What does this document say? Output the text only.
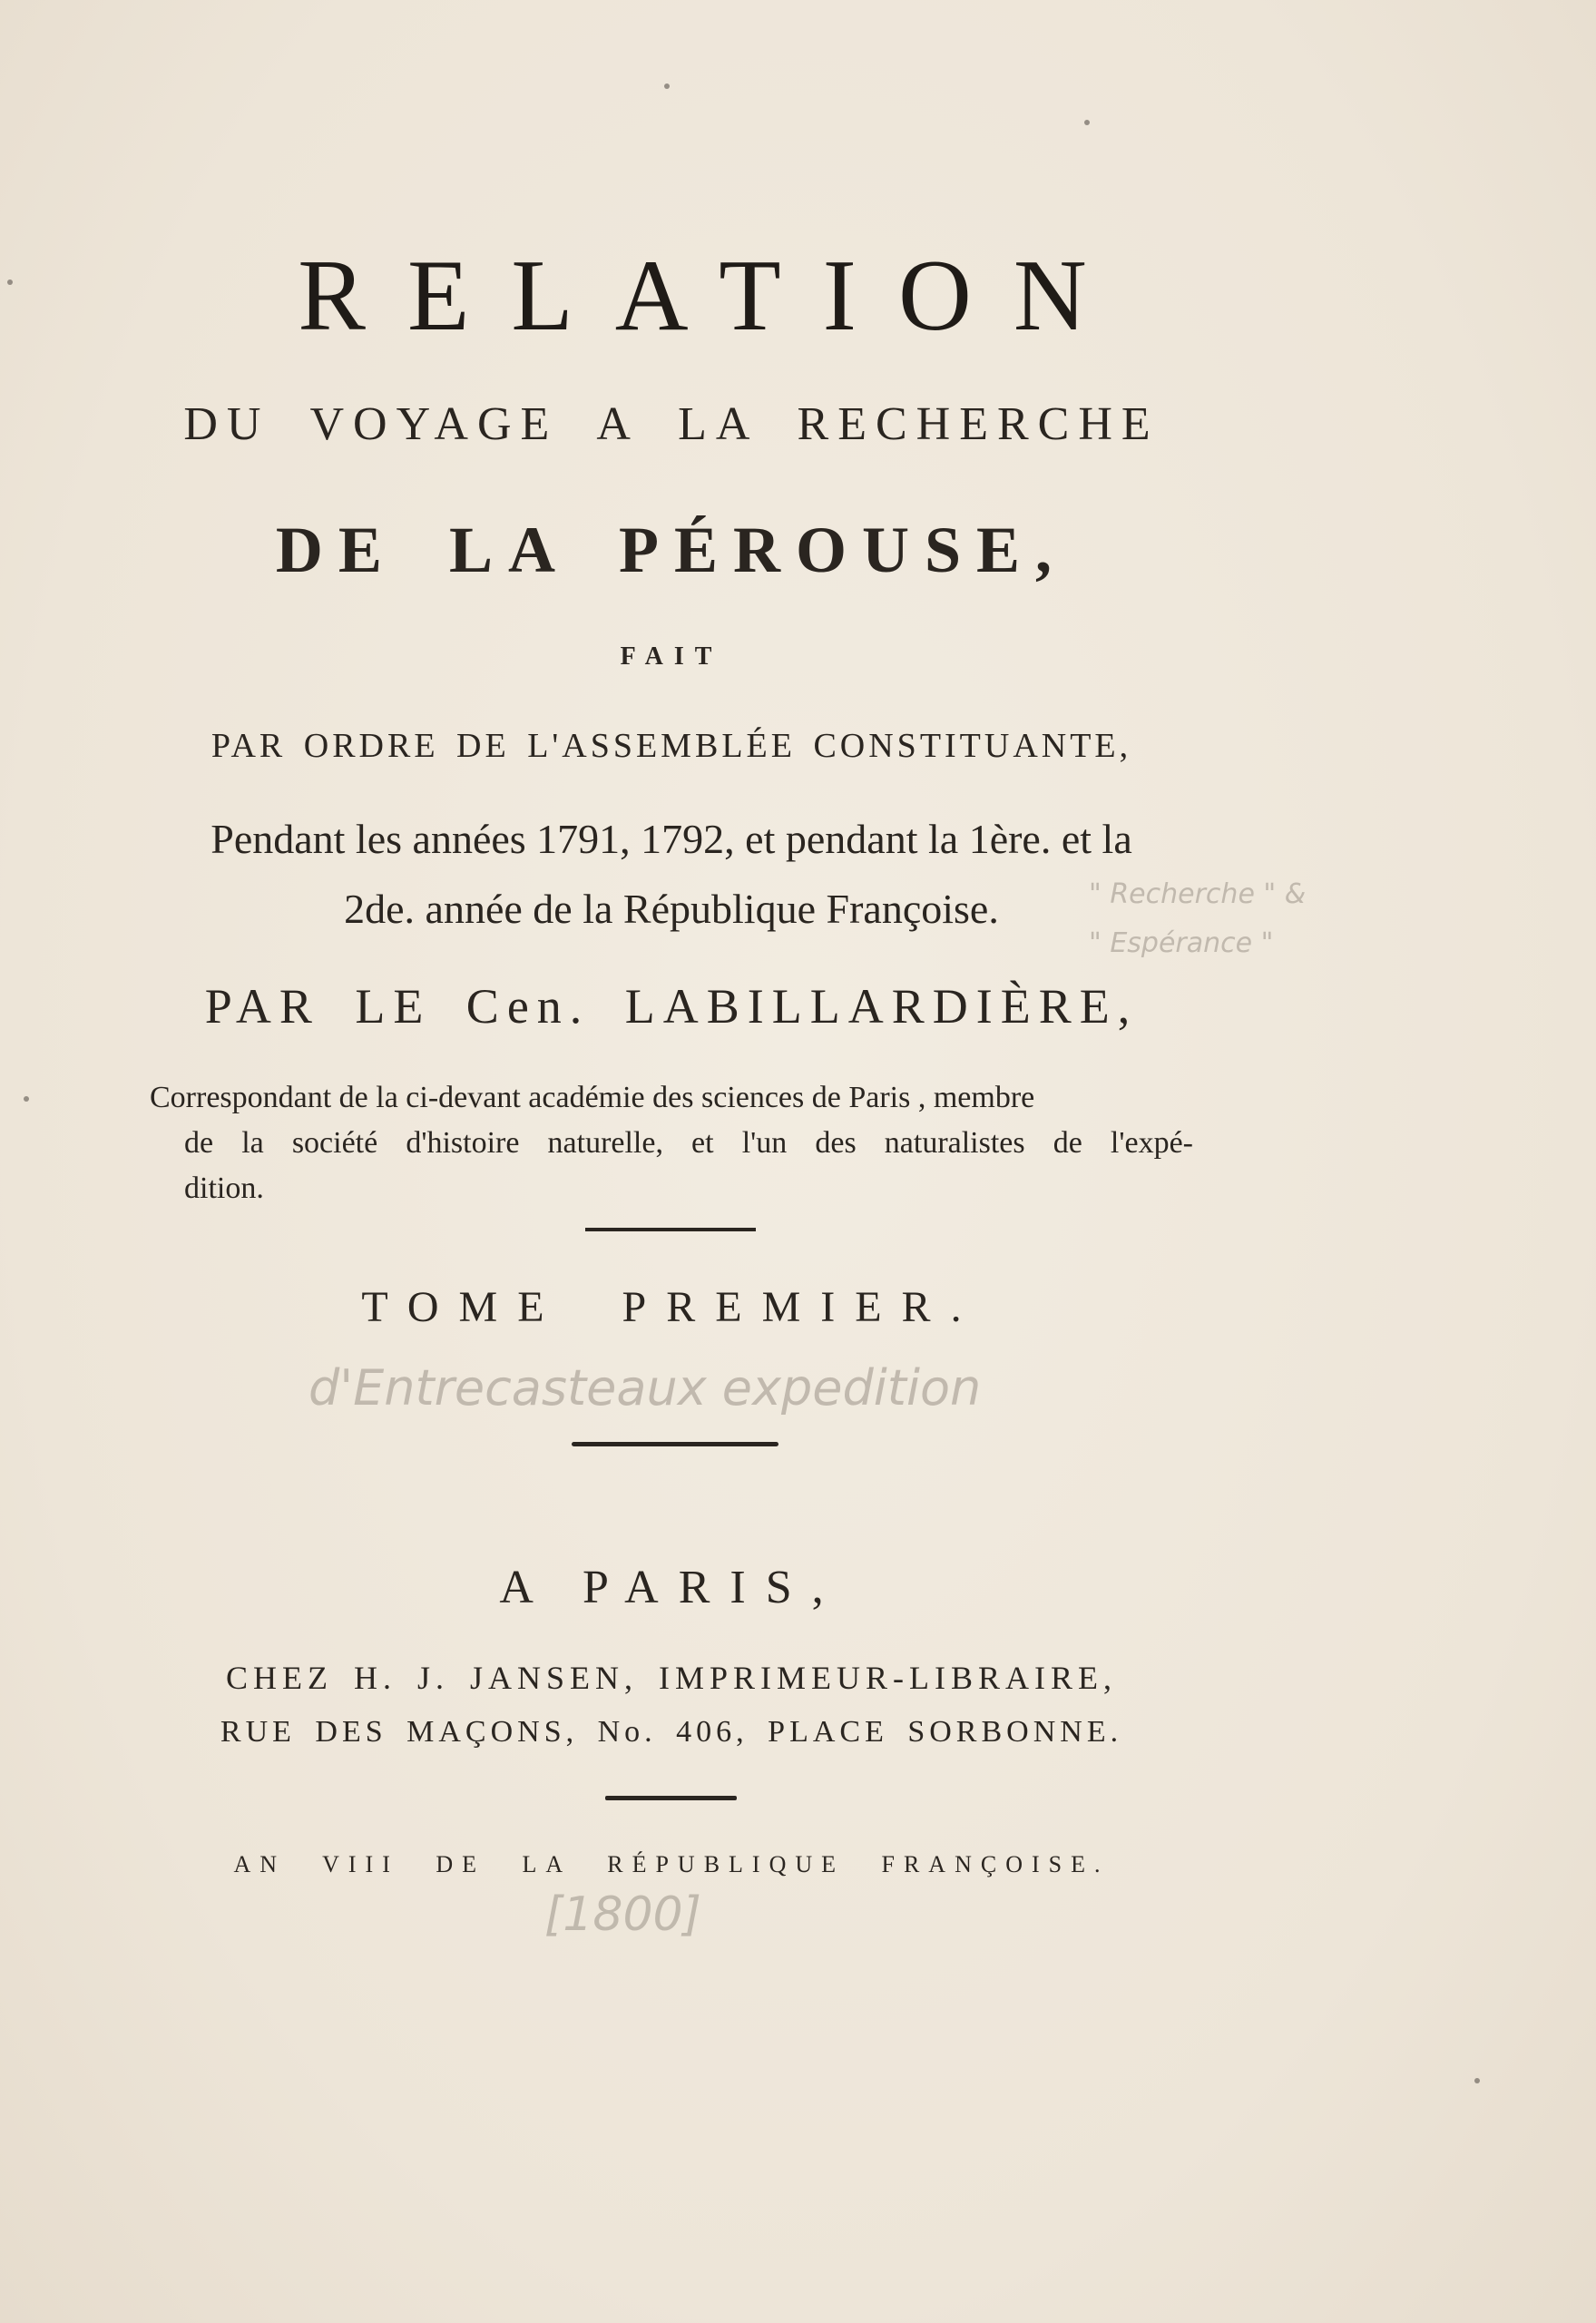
RELATION

DU VOYAGE A LA RECHERCHE

DE LA PÉROUSE,

FAIT

PAR ORDRE DE L'ASSEMBLÉE CONSTITUANTE,

Pendant les années 1791, 1792, et pendant la 1ère. et la

2de. année de la République Françoise.

PAR LE Cen. LABILLARDIÈRE,

Correspondant de la ci-devant académie des sciences de Paris , membre
de la société d'histoire naturelle, et l'un des naturalistes de l'expé-
dition.

TOME PREMIER.

A PARIS,

CHEZ H. J. JANSEN, IMPRIMEUR-LIBRAIRE,

RUE DES MAÇONS, No. 406, PLACE SORBONNE.

AN VIII DE LA RÉPUBLIQUE FRANÇOISE.

" Recherche " &
" Espérance "
d'Entrecasteaux expedition
[1800]
